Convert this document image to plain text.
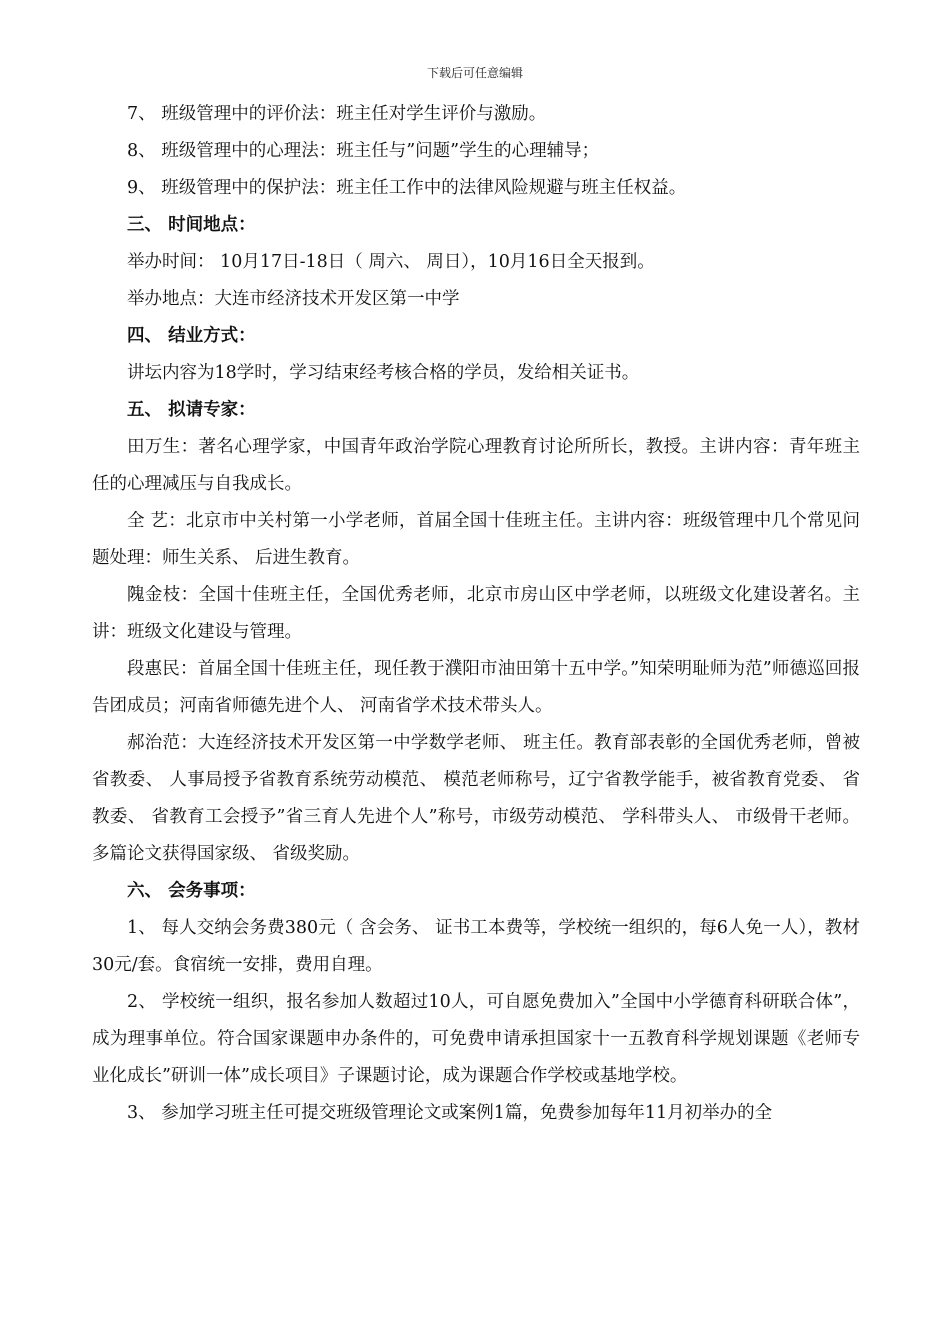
下载后可任意编辑
7、 班级管理中的评价法：班主任对学生评价与激励。
8、 班级管理中的心理法：班主任与”问题”学生的心理辅导；
9、 班级管理中的保护法：班主任工作中的法律风险规避与班主任权益。
三、 时间地点：
举办时间： 10月17日-18日（ 周六、 周日），10月16日全天报到。
举办地点：大连市经济技术开发区第一中学
四、 结业方式：
讲坛内容为18学时，学习结束经考核合格的学员，发给相关证书。
五、 拟请专家：
田万生：著名心理学家，中国青年政治学院心理教育讨论所所长，教授。主讲内容：青年班主任的心理减压与自我成长。
全 艺：北京市中关村第一小学老师，首届全国十佳班主任。主讲内容：班级管理中几个常见问题处理：师生关系、 后进生教育。
隗金枝：全国十佳班主任，全国优秀老师，北京市房山区中学老师，以班级文化建设著名。主讲：班级文化建设与管理。
段惠民：首届全国十佳班主任，现任教于濮阳市油田第十五中学。”知荣明耻师为范”师德巡回报告团成员；河南省师德先进个人、 河南省学术技术带头人。
郝治范：大连经济技术开发区第一中学数学老师、 班主任。教育部表彰的全国优秀老师，曾被省教委、 人事局授予省教育系统劳动模范、 模范老师称号，辽宁省教学能手，被省教育党委、 省教委、 省教育工会授予”省三育人先进个人”称号，市级劳动模范、 学科带头人、 市级骨干老师。多篇论文获得国家级、 省级奖励。
六、 会务事项：
1、 每人交纳会务费380元（ 含会务、 证书工本费等，学校统一组织的，每6人免一人），教材30元/套。食宿统一安排，费用自理。
2、 学校统一组织，报名参加人数超过10人，可自愿免费加入”全国中小学德育科研联合体”，成为理事单位。符合国家课题申办条件的，可免费申请承担国家十一五教育科学规划课题《老师专业化成长”研训一体”成长项目》子课题讨论，成为课题合作学校或基地学校。
3、 参加学习班主任可提交班级管理论文或案例1篇，免费参加每年11月初举办的全
